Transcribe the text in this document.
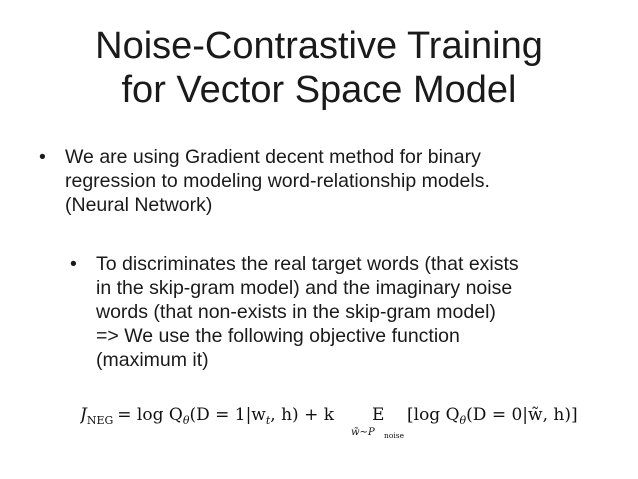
Noise-Contrastive Training
for Vector Space Model
• We are using Gradient decent method for binary
regression to modeling word-relationship models.
(Neural Network)
• To discriminates the real target words (that exists
in the skip-gram model) and the imaginary noise
words (that non-exists in the skip-gram model)
=> We use the following objective function
(maximum it)
$J_{NEG} = \log Q_\theta(D = 1|w_t$, h) + k E
w̃∼P noise
[log $Q_\theta(D$ = 0|w̃, h)]
